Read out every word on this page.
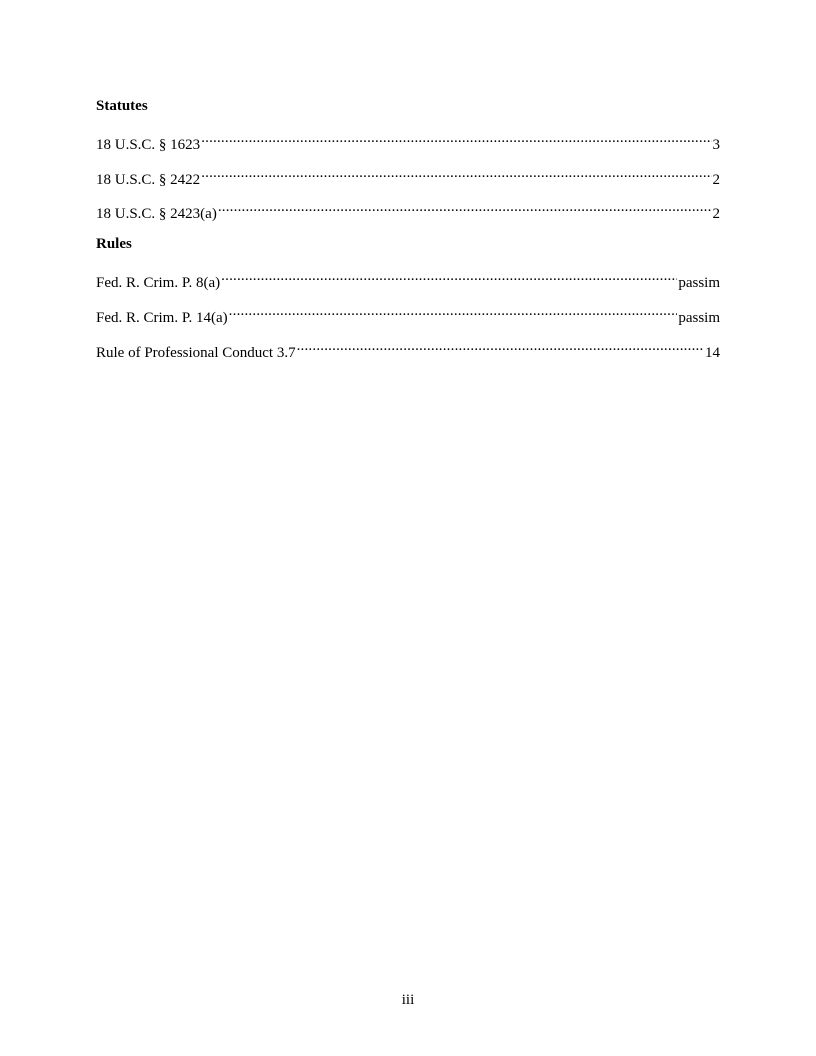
Statutes
18 U.S.C. § 1623 .....	3
18 U.S.C. § 2422 .....	2
18 U.S.C. § 2423(a) .....	2
Rules
Fed. R. Crim. P. 8(a) .....	passim
Fed. R. Crim. P. 14(a) .....	passim
Rule of Professional Conduct 3.7 .....	14
iii
